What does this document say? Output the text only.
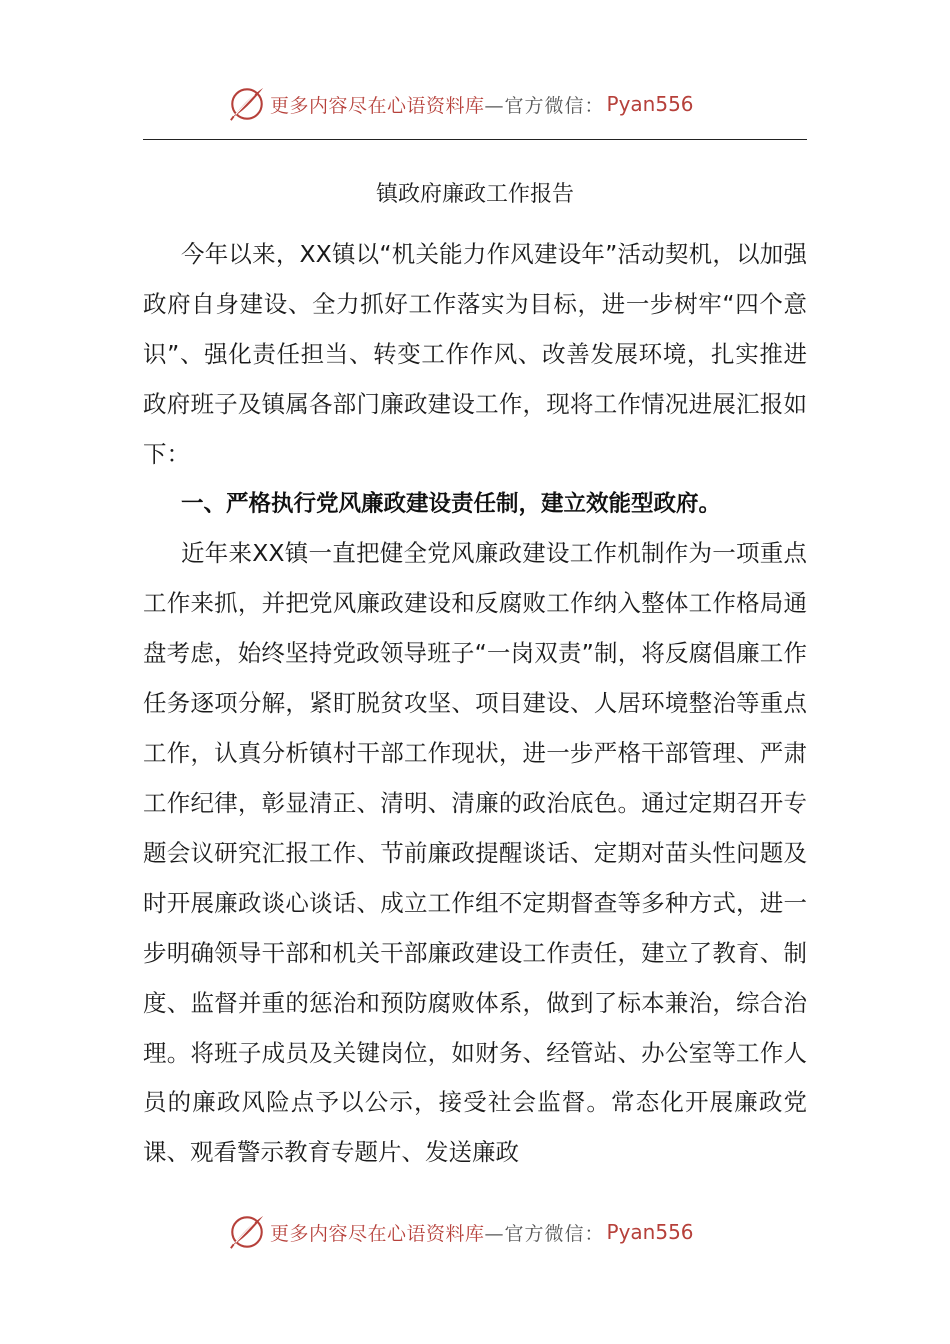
更多内容尽在心语资料库 —官方微信： Pyan556
镇政府廉政工作报告

今年以来，XX镇以“机关能力作风建设年”活动契机，以加强政府自身建设、全力抓好工作落实为目标，进一步树牢“四个意识”、强化责任担当、转变工作作风、改善发展环境，扎实推进政府班子及镇属各部门廉政建设工作，现将工作情况进展汇报如下：

一、严格执行党风廉政建设责任制，建立效能型政府。

近年来XX镇一直把健全党风廉政建设工作机制作为一项重点工作来抓，并把党风廉政建设和反腐败工作纳入整体工作格局通盘考虑，始终坚持党政领导班子“一岗双责”制，将反腐倡廉工作任务逐项分解，紧盯脱贫攻坚、项目建设、人居环境整治等重点工作，认真分析镇村干部工作现状，进一步严格干部管理、严肃工作纪律，彰显清正、清明、清廉的政治底色。通过定期召开专题会议研究汇报工作、节前廉政提醒谈话、定期对苗头性问题及时开展廉政谈心谈话、成立工作组不定期督查等多种方式，进一步明确领导干部和机关干部廉政建设工作责任，建立了教育、制度、监督并重的惩治和预防腐败体系，做到了标本兼治，综合治理。将班子成员及关键岗位，如财务、经管站、办公室等工作人员的廉政风险点予以公示，接受社会监督。常态化开展廉政党课、观看警示教育专题片、发送廉政

更多内容尽在心语资料库 —官方微信： Pyan556
